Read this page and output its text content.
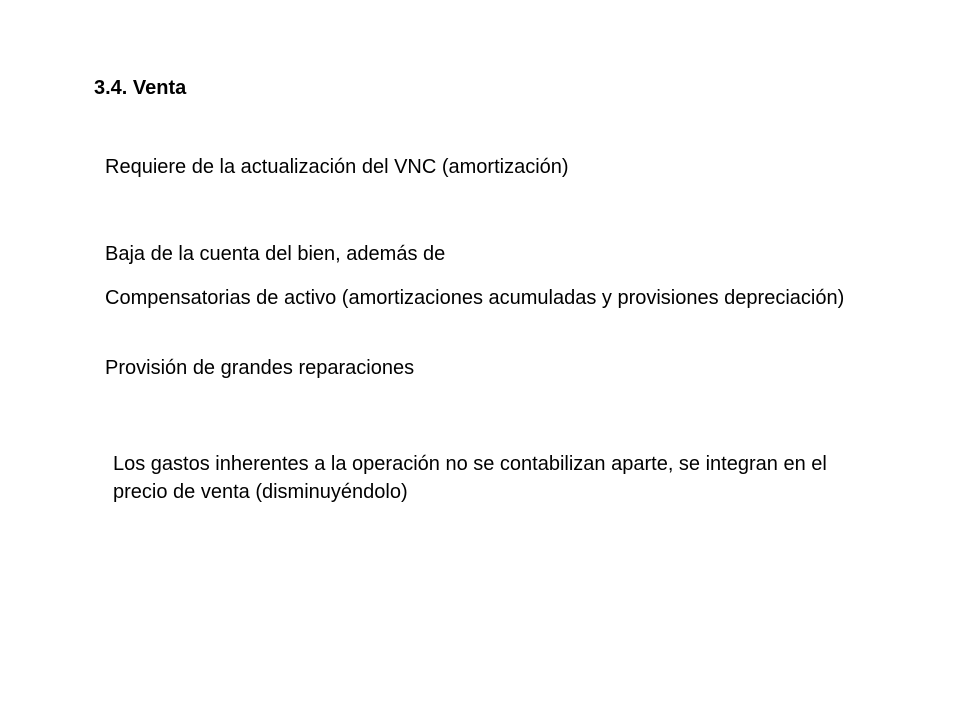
3.4. Venta
Requiere de la actualización del VNC (amortización)
Baja de la cuenta del bien, además de
Compensatorias de activo (amortizaciones acumuladas y provisiones depreciación)
Provisión de grandes reparaciones
Los gastos inherentes a la operación no se contabilizan aparte, se integran en el precio de venta (disminuyéndolo)
